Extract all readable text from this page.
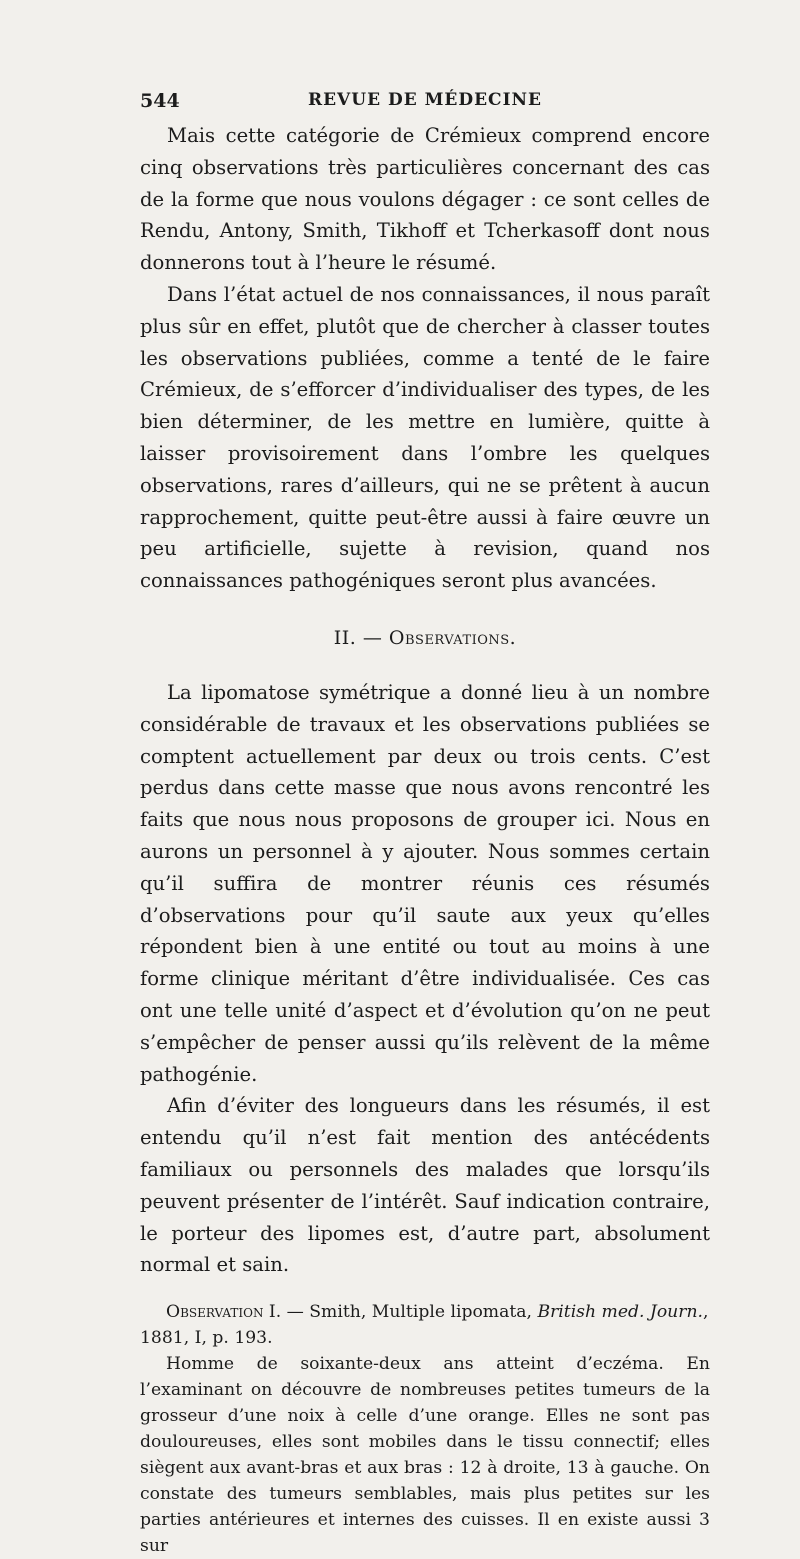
544	REVUE DE MÉDECINE

Mais cette catégorie de Crémieux comprend encore cinq observations très particulières concernant des cas de la forme que nous voulons dégager : ce sont celles de Rendu, Antony, Smith, Tikhoff et Tcherkasoff dont nous donnerons tout à l’heure le résumé.

Dans l’état actuel de nos connaissances, il nous paraît plus sûr en effet, plutôt que de chercher à classer toutes les observations publiées, comme a tenté de le faire Crémieux, de s’efforcer d’individualiser des types, de les bien déterminer, de les mettre en lumière, quitte à laisser provisoirement dans l’ombre les quelques observations, rares d’ailleurs, qui ne se prêtent à aucun rapprochement, quitte peut-être aussi à faire œuvre un peu artificielle, sujette à revision, quand nos connaissances pathogéniques seront plus avancées.

II. — Observations.

La lipomatose symétrique a donné lieu à un nombre considérable de travaux et les observations publiées se comptent actuellement par deux ou trois cents. C’est perdus dans cette masse que nous avons rencontré les faits que nous nous proposons de grouper ici. Nous en aurons un personnel à y ajouter. Nous sommes certain qu’il suffira de montrer réunis ces résumés d’observations pour qu’il saute aux yeux qu’elles répondent bien à une entité ou tout au moins à une forme clinique méritant d’être individualisée. Ces cas ont une telle unité d’aspect et d’évolution qu’on ne peut s’empêcher de penser aussi qu’ils relèvent de la même pathogénie.

Afin d’éviter des longueurs dans les résumés, il est entendu qu’il n’est fait mention des antécédents familiaux ou personnels des malades que lorsqu’ils peuvent présenter de l’intérêt. Sauf indication contraire, le porteur des lipomes est, d’autre part, absolument normal et sain.

Observation I. — Smith, Multiple lipomata, British med. Journ., 1881, I, p. 193.

Homme de soixante-deux ans atteint d’eczéma. En l’examinant on découvre de nombreuses petites tumeurs de la grosseur d’une noix à celle d’une orange. Elles ne sont pas douloureuses, elles sont mobiles dans le tissu connectif; elles siègent aux avant-bras et aux bras : 12 à droite, 13 à gauche. On constate des tumeurs semblables, mais plus petites sur les parties antérieures et internes des cuisses. Il en existe aussi 3 sur
